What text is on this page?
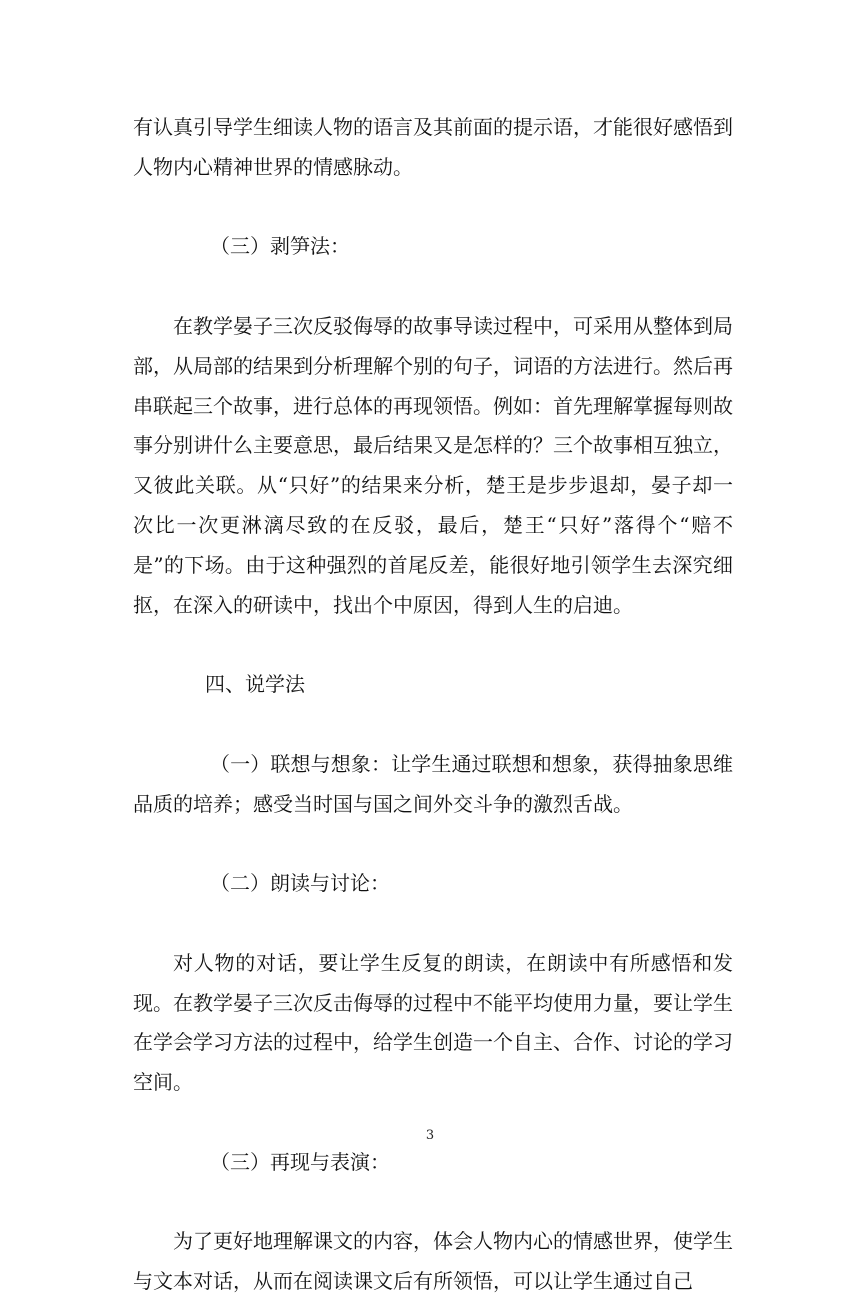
有认真引导学生细读人物的语言及其前面的提示语，才能很好感悟到人物内心精神世界的情感脉动。

（三）剥笋法：

在教学晏子三次反驳侮辱的故事导读过程中，可采用从整体到局部，从局部的结果到分析理解个别的句子，词语的方法进行。然后再串联起三个故事，进行总体的再现领悟。例如：首先理解掌握每则故事分别讲什么主要意思，最后结果又是怎样的？三个故事相互独立，又彼此关联。从“只好”的结果来分析，楚王是步步退却，晏子却一次比一次更淋漓尽致的在反驳，最后，楚王“只好”落得个“赔不是”的下场。由于这种强烈的首尾反差，能很好地引领学生去深究细抠，在深入的研读中，找出个中原因，得到人生的启迪。

四、说学法

（一）联想与想象：让学生通过联想和想象，获得抽象思维品质的培养；感受当时国与国之间外交斗争的激烈舌战。

（二）朗读与讨论：

对人物的对话，要让学生反复的朗读，在朗读中有所感悟和发现。在教学晏子三次反击侮辱的过程中不能平均使用力量，要让学生在学会学习方法的过程中，给学生创造一个自主、合作、讨论的学习空间。

（三）再现与表演：

为了更好地理解课文的内容，体会人物内心的情感世界，使学生与文本对话，从而在阅读课文后有所领悟，可以让学生通过自己

3
